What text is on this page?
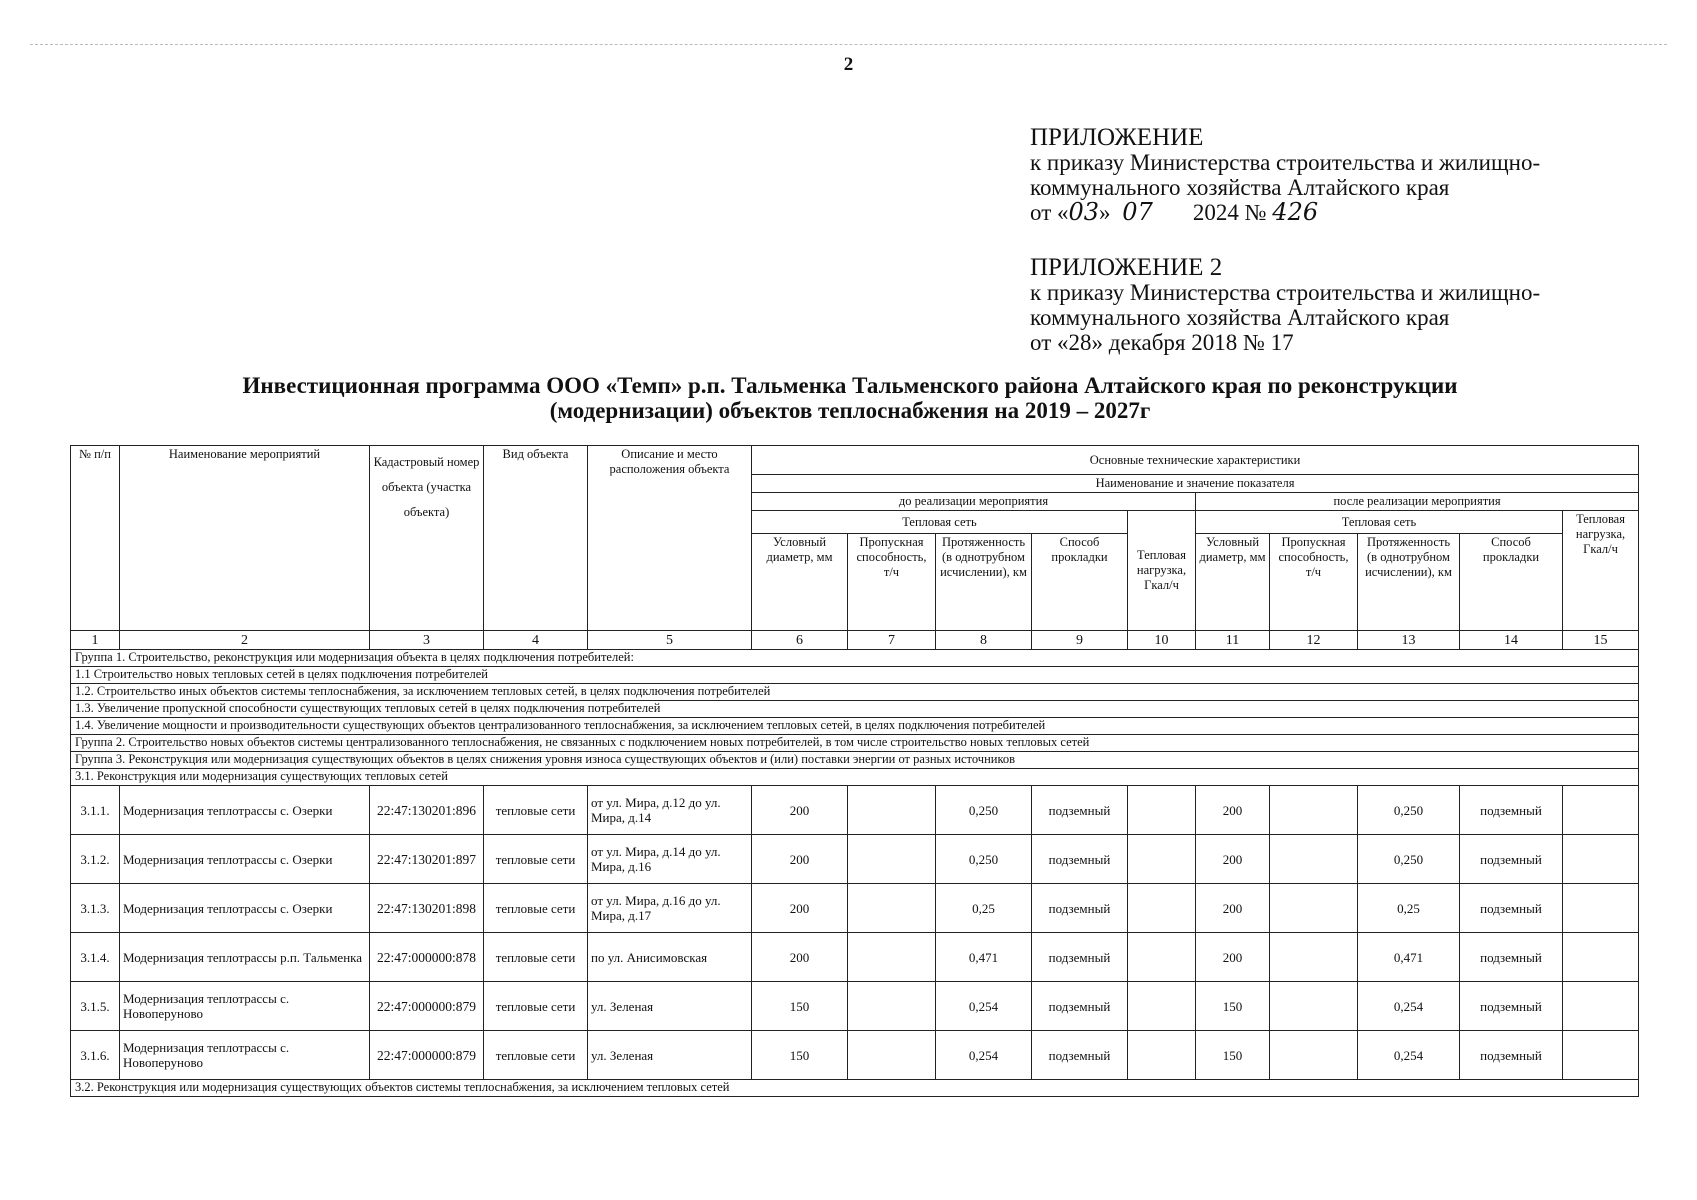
2
ПРИЛОЖЕНИЕ
к приказу Министерства строительства и жилищно-
коммунального хозяйства Алтайского края
от «03» 07 2024 № 426
ПРИЛОЖЕНИЕ 2
к приказу Министерства строительства и жилищно-
коммунального хозяйства Алтайского края
от «28» декабря 2018 № 17
Инвестиционная программа ООО «Темп» р.п. Тальменка Тальменского района Алтайского края по реконструкции
(модернизации) объектов теплоснабжения на 2019 – 2027г
№ п/п	Наименование мероприятий	Кадастровый номер объекта (участка объекта)	Вид объекта	Описание и место расположения объекта	Основные технические характеристики									
					Наименование и значение показателя									
					до реализации мероприятия					после реализации мероприятия				
					Тепловая сеть				Тепловая нагрузка, Гкал/ч	Тепловая сеть				Тепловая нагрузка, Гкал/ч
					Условный диаметр, мм	Пропускная способность, т/ч	Протяженность (в однотрубном исчислении), км	Способ прокладки		Условный диаметр, мм	Пропускная способность, т/ч	Протяженность (в однотрубном исчислении), км	Способ прокладки	
1	2	3	4	5	6	7	8	9	10	11	12	13	14	15
Группа 1. Строительство, реконструкция или модернизация объекта в целях подключения потребителей:														
1.1 Строительство новых тепловых сетей в целях подключения потребителей														
1.2. Строительство иных объектов системы теплоснабжения, за исключением тепловых сетей, в целях подключения потребителей														
1.3. Увеличение пропускной способности существующих тепловых сетей в целях подключения потребителей														
1.4. Увеличение мощности и производительности существующих объектов централизованного теплоснабжения, за исключением тепловых сетей, в целях подключения потребителей														
Группа 2. Строительство новых объектов системы централизованного теплоснабжения, не связанных с подключением новых потребителей, в том числе строительство новых тепловых сетей														
Группа 3. Реконструкция или модернизация существующих объектов в целях снижения уровня износа существующих объектов и (или) поставки энергии от разных источников														
3.1. Реконструкция или модернизация существующих тепловых сетей														
3.1.1.	Модернизация теплотрассы с. Озерки	22:47:130201:896	тепловые сети	от ул. Мира, д.12 до ул. Мира, д.14	200		0,250	подземный		200		0,250	подземный	
3.1.2.	Модернизация теплотрассы с. Озерки	22:47:130201:897	тепловые сети	от ул. Мира, д.14 до ул. Мира, д.16	200		0,250	подземный		200		0,250	подземный	
3.1.3.	Модернизация теплотрассы с. Озерки	22:47:130201:898	тепловые сети	от ул. Мира, д.16 до ул. Мира, д.17	200		0,25	подземный		200		0,25	подземный	
3.1.4.	Модернизация теплотрассы р.п. Тальменка	22:47:000000:878	тепловые сети	по ул. Анисимовская	200		0,471	подземный		200		0,471	подземный	
3.1.5.	Модернизация теплотрассы с. Новоперуново	22:47:000000:879	тепловые сети	ул. Зеленая	150		0,254	подземный		150		0,254	подземный	
3.1.6.	Модернизация теплотрассы с. Новоперуново	22:47:000000:879	тепловые сети	ул. Зеленая	150		0,254	подземный		150		0,254	подземный	
3.2. Реконструкция или модернизация существующих объектов системы теплоснабжения, за исключением тепловых сетей														
